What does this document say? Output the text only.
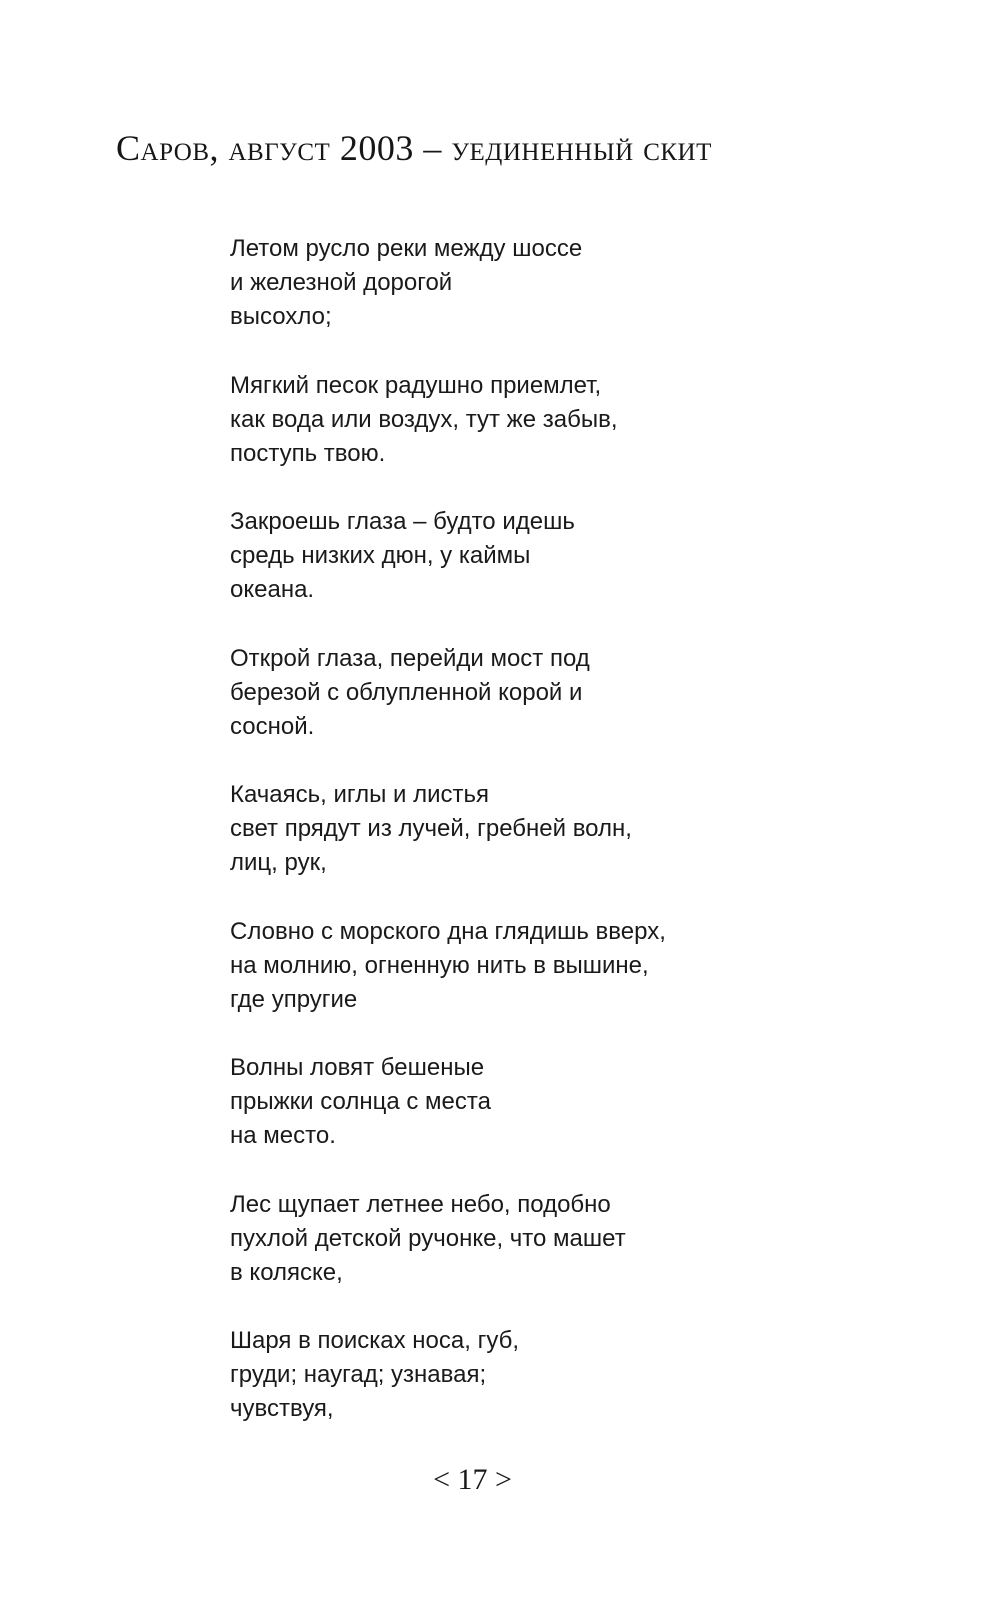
Саров, август 2003 – уединенный скит
Летом русло реки между шоссе
и железной дорогой
высохло;
Мягкий песок радушно приемлет,
как вода или воздух, тут же забыв,
поступь твою.
Закроешь глаза – будто идешь
средь низких дюн, у каймы
океана.
Открой глаза, перейди мост под
березой с облупленной корой и
сосной.
Качаясь, иглы и листья
свет прядут из лучей, гребней волн,
лиц, рук,
Словно с морского дна глядишь вверх,
на молнию, огненную нить в вышине,
где упругие
Волны ловят бешеные
прыжки солнца с места
на место.
Лес щупает летнее небо, подобно
пухлой детской ручонке, что машет
в коляске,
Шаря в поисках носа, губ,
груди; наугад; узнавая;
чувствуя,
< 17 >
